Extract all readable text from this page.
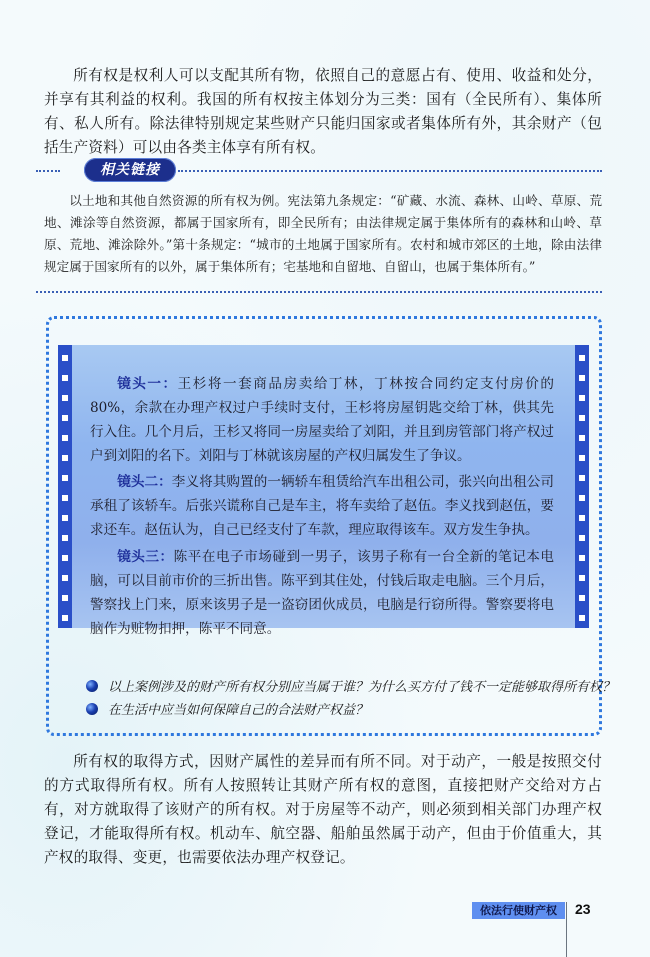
所有权是权利人可以支配其所有物，依照自己的意愿占有、使用、收益和处分，并享有其利益的权利。我国的所有权按主体划分为三类：国有（全民所有）、集体所有、私人所有。除法律特别规定某些财产只能归国家或者集体所有外，其余财产（包括生产资料）可以由各类主体享有所有权。
相关链接
以土地和其他自然资源的所有权为例。宪法第九条规定：“矿藏、水流、森林、山岭、草原、荒地、滩涂等自然资源，都属于国家所有，即全民所有；由法律规定属于集体所有的森林和山岭、草原、荒地、滩涂除外。”第十条规定：“城市的土地属于国家所有。农村和城市郊区的土地，除由法律规定属于国家所有的以外，属于集体所有；宅基地和自留地、自留山，也属于集体所有。”
镜头一：王杉将一套商品房卖给丁林，丁林按合同约定支付房价的80%，余款在办理产权过户手续时支付，王杉将房屋钥匙交给丁林，供其先行入住。几个月后，王杉又将同一房屋卖给了刘阳，并且到房管部门将产权过户到刘阳的名下。刘阳与丁林就该房屋的产权归属发生了争议。
镜头二：李义将其购置的一辆轿车租赁给汽车出租公司，张兴向出租公司承租了该轿车。后张兴谎称自己是车主，将车卖给了赵伍。李义找到赵伍，要求还车。赵伍认为，自己已经支付了车款，理应取得该车。双方发生争执。
镜头三：陈平在电子市场碰到一男子，该男子称有一台全新的笔记本电脑，可以目前市价的三折出售。陈平到其住处，付钱后取走电脑。三个月后，警察找上门来，原来该男子是一盗窃团伙成员，电脑是行窃所得。警察要将电脑作为赃物扣押，陈平不同意。
以上案例涉及的财产所有权分别应当属于谁？为什么买方付了钱不一定能够取得所有权？
在生活中应当如何保障自己的合法财产权益？
所有权的取得方式，因财产属性的差异而有所不同。对于动产，一般是按照交付的方式取得所有权。所有人按照转让其财产所有权的意图，直接把财产交给对方占有，对方就取得了该财产的所有权。对于房屋等不动产，则必须到相关部门办理产权登记，才能取得所有权。机动车、航空器、船舶虽然属于动产，但由于价值重大，其产权的取得、变更，也需要依法办理产权登记。
依法行使财产权	23
